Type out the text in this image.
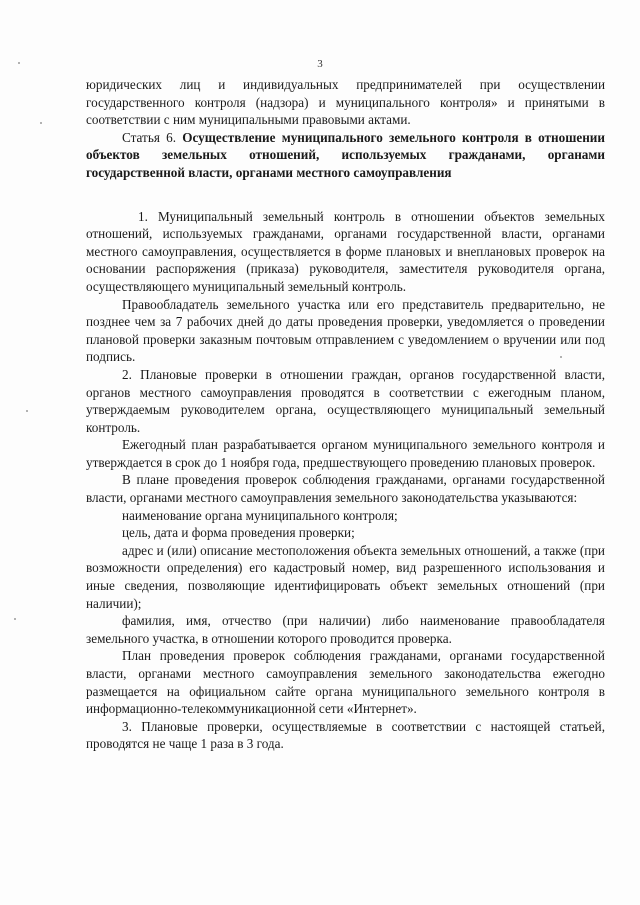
3

юридических лиц и индивидуальных предпринимателей при осуществлении государственного контроля (надзора) и муниципального контроля» и принятыми в соответствии с ним муниципальными правовыми актами.

Статья 6. Осуществление муниципального земельного контроля в отношении объектов земельных отношений, используемых гражданами, органами государственной власти, органами местного самоуправления

1. Муниципальный земельный контроль в отношении объектов земельных отношений, используемых гражданами, органами государственной власти, органами местного самоуправления, осуществляется в форме плановых и внеплановых проверок на основании распоряжения (приказа) руководителя, заместителя руководителя органа, осуществляющего муниципальный земельный контроль.

Правообладатель земельного участка или его представитель предварительно, не позднее чем за 7 рабочих дней до даты проведения проверки, уведомляется о проведении плановой проверки заказным почтовым отправлением с уведомлением о вручении или под подпись.

2. Плановые проверки в отношении граждан, органов государственной власти, органов местного самоуправления проводятся в соответствии с ежегодным планом, утверждаемым руководителем органа, осуществляющего муниципальный земельный контроль.

Ежегодный план разрабатывается органом муниципального земельного контроля и утверждается в срок до 1 ноября года, предшествующего проведению плановых проверок.

В плане проведения проверок соблюдения гражданами, органами государственной власти, органами местного самоуправления земельного законодательства указываются:

наименование органа муниципального контроля;

цель, дата и форма проведения проверки;

адрес и (или) описание местоположения объекта земельных отношений, а также (при возможности определения) его кадастровый номер, вид разрешенного использования и иные сведения, позволяющие идентифицировать объект земельных отношений (при наличии);

фамилия, имя, отчество (при наличии) либо наименование правообладателя земельного участка, в отношении которого проводится проверка.

План проведения проверок соблюдения гражданами, органами государственной власти, органами местного самоуправления земельного законодательства ежегодно размещается на официальном сайте органа муниципального земельного контроля в информационно-телекоммуникационной сети «Интернет».

3. Плановые проверки, осуществляемые в соответствии с настоящей статьей, проводятся не чаще 1 раза в 3 года.
